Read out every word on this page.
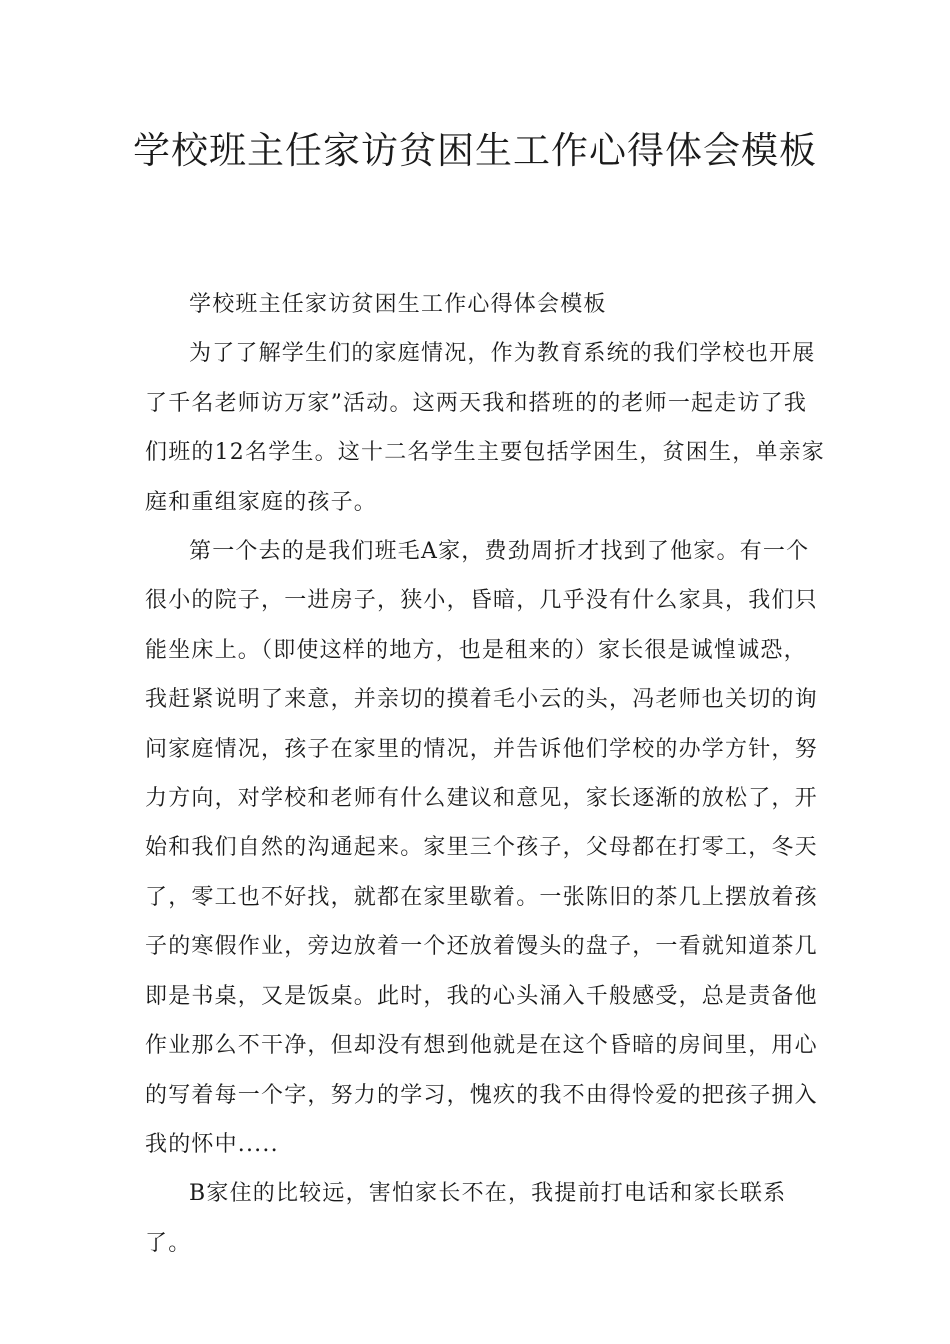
学校班主任家访贫困生工作心得体会模板

学校班主任家访贫困生工作心得体会模板

为了了解学生们的家庭情况，作为教育系统的我们学校也开展了千名老师访万家”活动。这两天我和搭班的的老师一起走访了我们班的12名学生。这十二名学生主要包括学困生，贫困生，单亲家庭和重组家庭的孩子。

第一个去的是我们班毛A家，费劲周折才找到了他家。有一个很小的院子，一进房子，狭小，昏暗，几乎没有什么家具，我们只能坐床上。（即使这样的地方，也是租来的）家长很是诚惶诚恐，我赶紧说明了来意，并亲切的摸着毛小云的头，冯老师也关切的询问家庭情况，孩子在家里的情况，并告诉他们学校的办学方针，努力方向，对学校和老师有什么建议和意见，家长逐渐的放松了，开始和我们自然的沟通起来。家里三个孩子，父母都在打零工，冬天了，零工也不好找，就都在家里歇着。一张陈旧的茶几上摆放着孩子的寒假作业，旁边放着一个还放着馒头的盘子，一看就知道茶几即是书桌，又是饭桌。此时，我的心头涌入千般感受，总是责备他作业那么不干净，但却没有想到他就是在这个昏暗的房间里，用心的写着每一个字，努力的学习，愧疚的我不由得怜爱的把孩子拥入我的怀中.....

B家住的比较远，害怕家长不在，我提前打电话和家长联系了。
